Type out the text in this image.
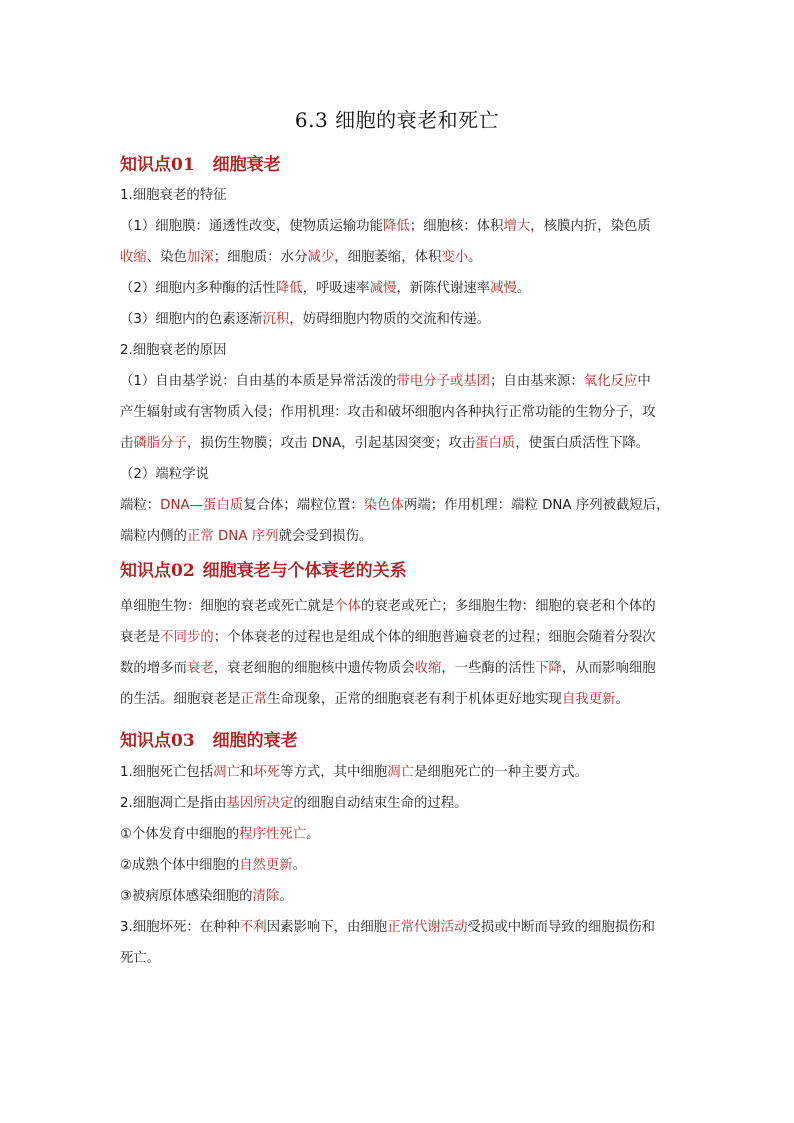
6.3 细胞的衰老和死亡
知识点01 细胞衰老
1.细胞衰老的特征
（1）细胞膜：通透性改变，使物质运输功能降低；细胞核：体积增大，核膜内折，染色质
收缩、染色加深；细胞质：水分减少，细胞萎缩，体积变小。
（2）细胞内多种酶的活性降低，呼吸速率减慢，新陈代谢速率减慢。
（3）细胞内的色素逐渐沉积，妨碍细胞内物质的交流和传递。
2.细胞衰老的原因
（1）自由基学说：自由基的本质是异常活泼的带电分子或基团；自由基来源：氧化反应中
产生辐射或有害物质入侵；作用机理：攻击和破坏细胞内各种执行正常功能的生物分子，攻
击磷脂分子，损伤生物膜；攻击 DNA，引起基因突变；攻击蛋白质，使蛋白质活性下降。
（2）端粒学说
端粒：DNA—蛋白质复合体；端粒位置：染色体两端；作用机理：端粒 DNA 序列被截短后，
端粒内侧的正常 DNA 序列就会受到损伤。
知识点02 细胞衰老与个体衰老的关系
单细胞生物：细胞的衰老或死亡就是个体的衰老或死亡；多细胞生物：细胞的衰老和个体的
衰老是不同步的；个体衰老的过程也是组成个体的细胞普遍衰老的过程；细胞会随着分裂次
数的增多而衰老，衰老细胞的细胞核中遗传物质会收缩，一些酶的活性下降，从而影响细胞
的生活。细胞衰老是正常生命现象，正常的细胞衰老有利于机体更好地实现自我更新。
知识点03 细胞的衰老
1.细胞死亡包括凋亡和坏死等方式，其中细胞凋亡是细胞死亡的一种主要方式。
2.细胞凋亡是指由基因所决定的细胞自动结束生命的过程。
①个体发育中细胞的程序性死亡。
②成熟个体中细胞的自然更新。
③被病原体感染细胞的清除。
3.细胞坏死：在种种不利因素影响下，由细胞正常代谢活动受损或中断而导致的细胞损伤和
死亡。
